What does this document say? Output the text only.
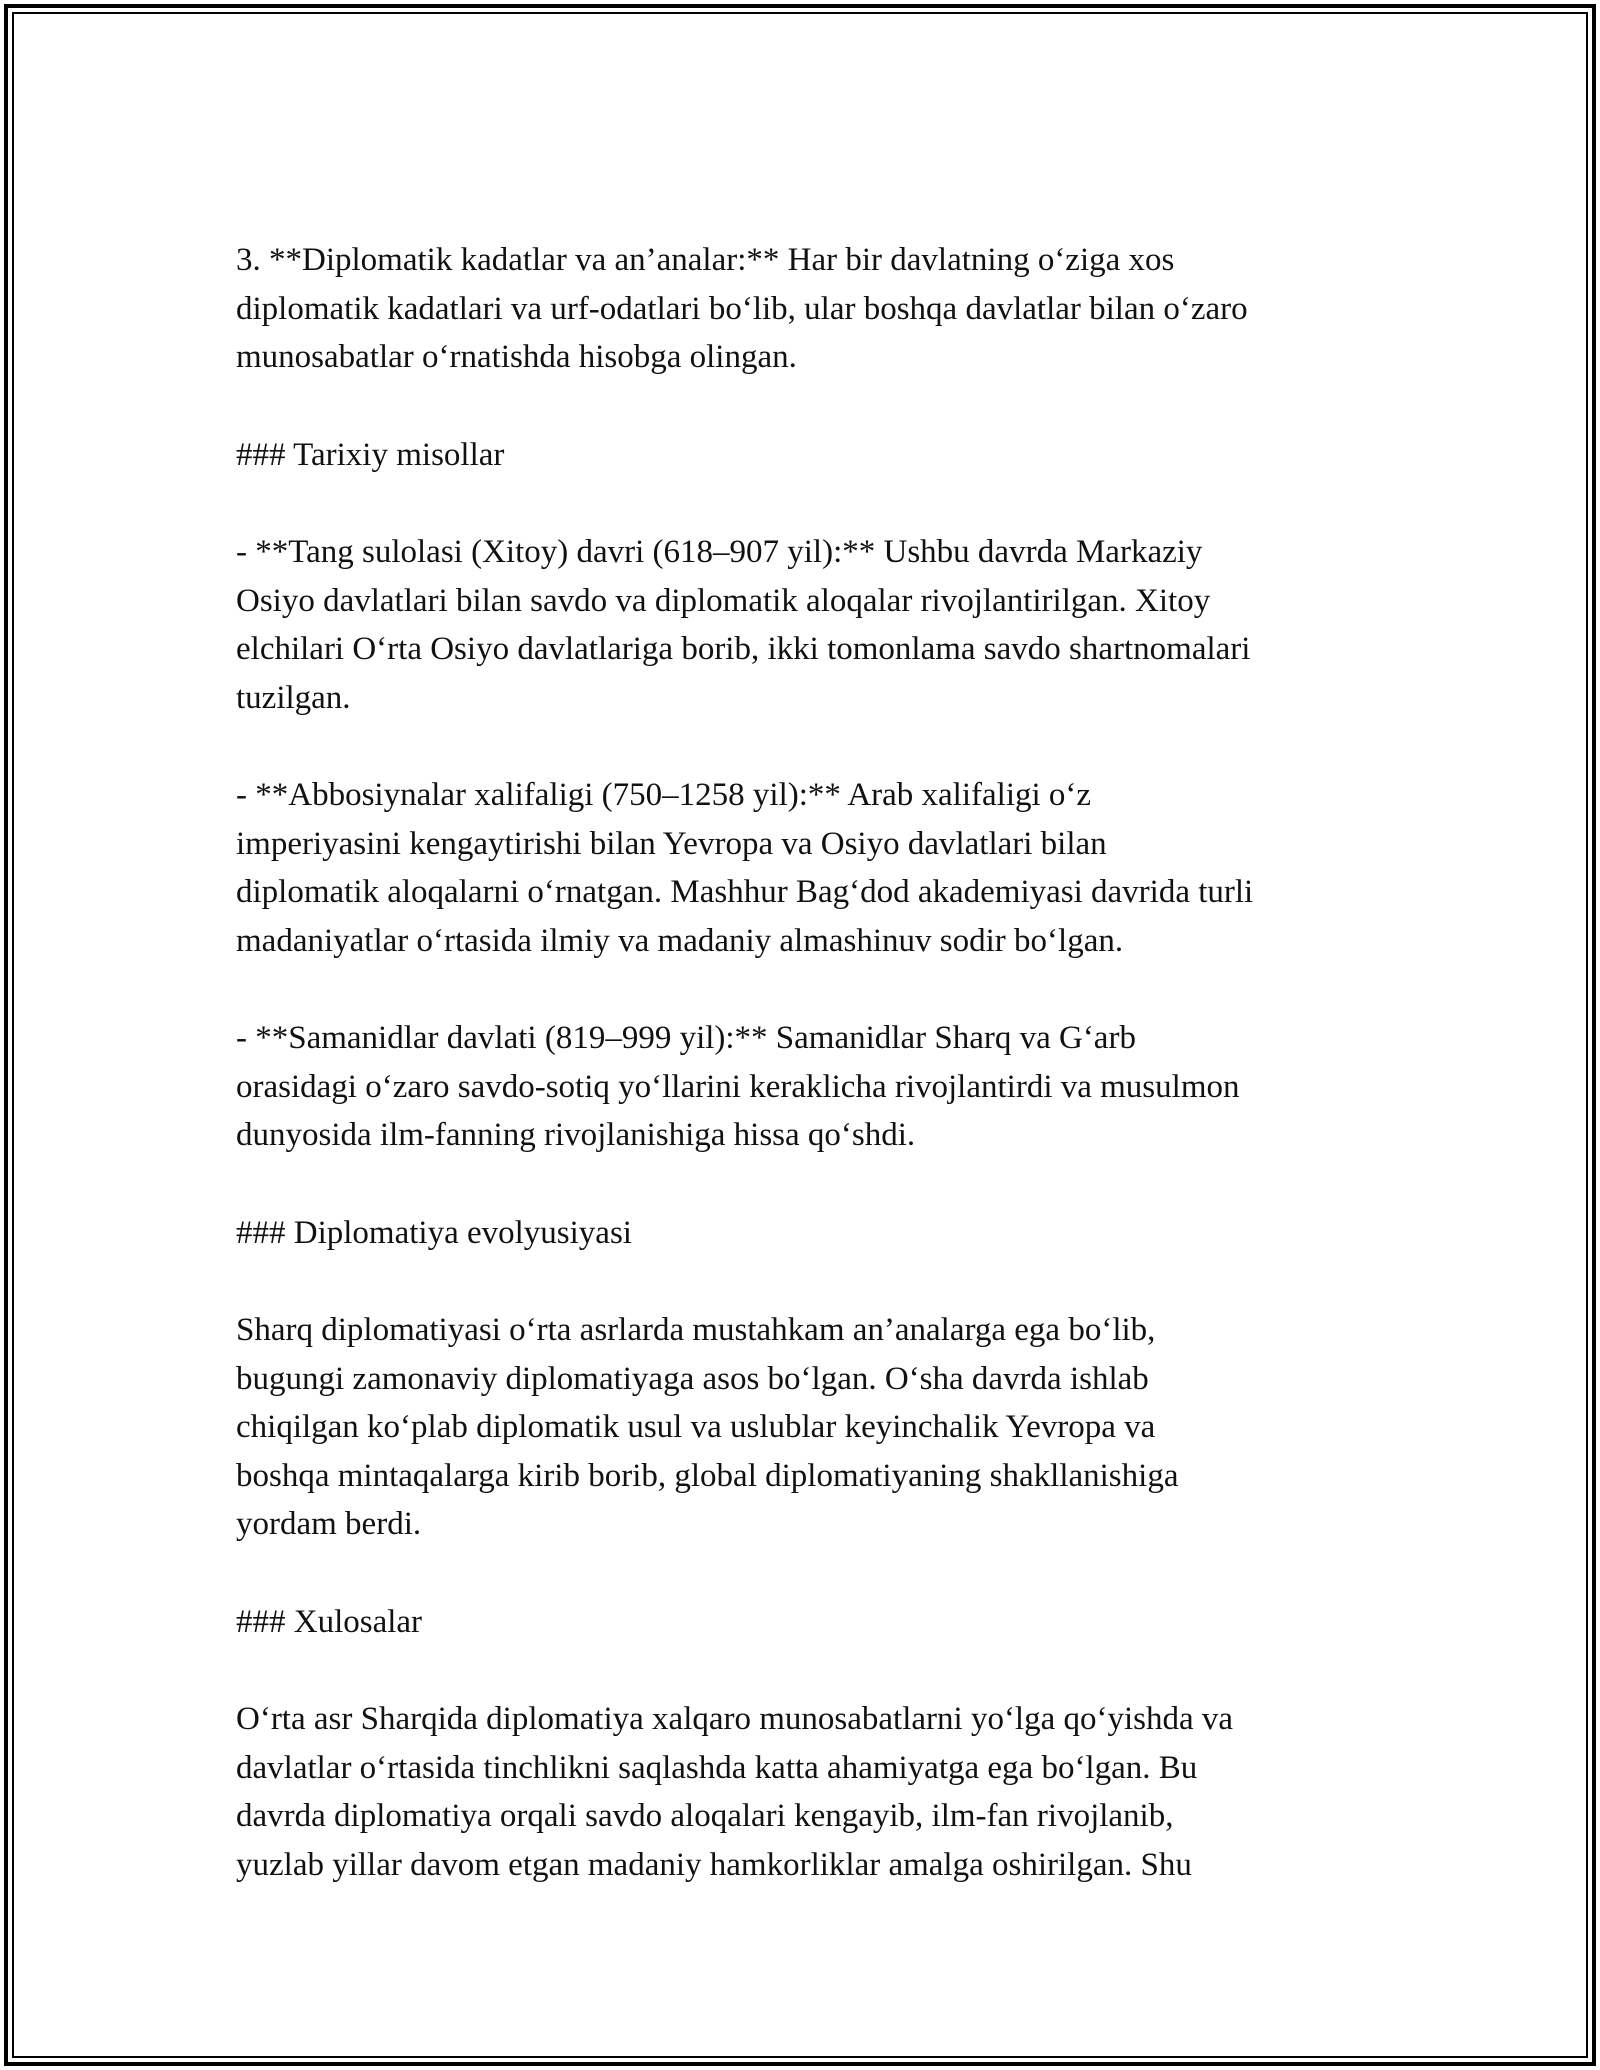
3. **Diplomatik kadatlar va an’analar:** Har bir davlatning o‘ziga xos
diplomatik kadatlari va urf-odatlari bo‘lib, ular boshqa davlatlar bilan o‘zaro
munosabatlar o‘rnatishda hisobga olingan.

### Tarixiy misollar

- **Tang sulolasi (Xitoy) davri (618–907 yil):** Ushbu davrda Markaziy
Osiyo davlatlari bilan savdo va diplomatik aloqalar rivojlantirilgan. Xitoy
elchilari O‘rta Osiyo davlatlariga borib, ikki tomonlama savdo shartnomalari
tuzilgan.

- **Abbosiynalar xalifaligi (750–1258 yil):** Arab xalifaligi o‘z
imperiyasini kengaytirishi bilan Yevropa va Osiyo davlatlari bilan
diplomatik aloqalarni o‘rnatgan. Mashhur Bag‘dod akademiyasi davrida turli
madaniyatlar o‘rtasida ilmiy va madaniy almashinuv sodir bo‘lgan.

- **Samanidlar davlati (819–999 yil):** Samanidlar Sharq va G‘arb
orasidagi o‘zaro savdo-sotiq yo‘llarini keraklicha rivojlantirdi va musulmon
dunyosida ilm-fanning rivojlanishiga hissa qo‘shdi.

### Diplomatiya evolyusiyasi

Sharq diplomatiyasi o‘rta asrlarda mustahkam an’analarga ega bo‘lib,
bugungi zamonaviy diplomatiyaga asos bo‘lgan. O‘sha davrda ishlab
chiqilgan ko‘plab diplomatik usul va uslublar keyinchalik Yevropa va
boshqa mintaqalarga kirib borib, global diplomatiyaning shakllanishiga
yordam berdi.

### Xulosalar

O‘rta asr Sharqida diplomatiya xalqaro munosabatlarni yo‘lga qo‘yishda va
davlatlar o‘rtasida tinchlikni saqlashda katta ahamiyatga ega bo‘lgan. Bu
davrda diplomatiya orqali savdo aloqalari kengayib, ilm-fan rivojlanib,
yuzlab yillar davom etgan madaniy hamkorliklar amalga oshirilgan. Shu
